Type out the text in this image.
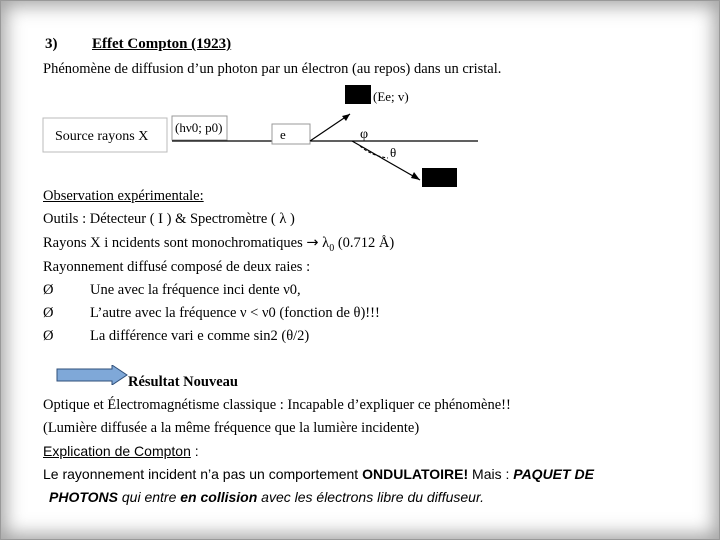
3) Effet Compton (1923)
Phénomène de diffusion d’un photon par un électron (au repos) dans un cristal.
Source rayons X
(hν0; p0)	e
(Ee; v)
φ
θ
Observation expérimentale:
Outils : Détecteur ( I ) & Spectromètre ( λ )
Rayons X i ncidents sont monochromatiques → $\lambda_0$ (0.712 Å)
Rayonnement diffusé composé de deux raies :
Ø	Une avec la fréquence inci dente ν0,
Ø	L’autre avec la fréquence ν < ν0 (fonction de θ)!!!
Ø	La différence vari e comme sin2 (θ/2)
Résultat Nouveau
Optique et Électromagnétisme classique : Incapable d’expliquer ce phénomène!!
(Lumière diffusée a la même fréquence que la lumière incidente)
Explication de Compton :
Le rayonnement incident n’a pas un comportement ONDULATOIRE! Mais : PAQUET DE
PHOTONS qui entre en collision avec les électrons libre du diffuseur.
